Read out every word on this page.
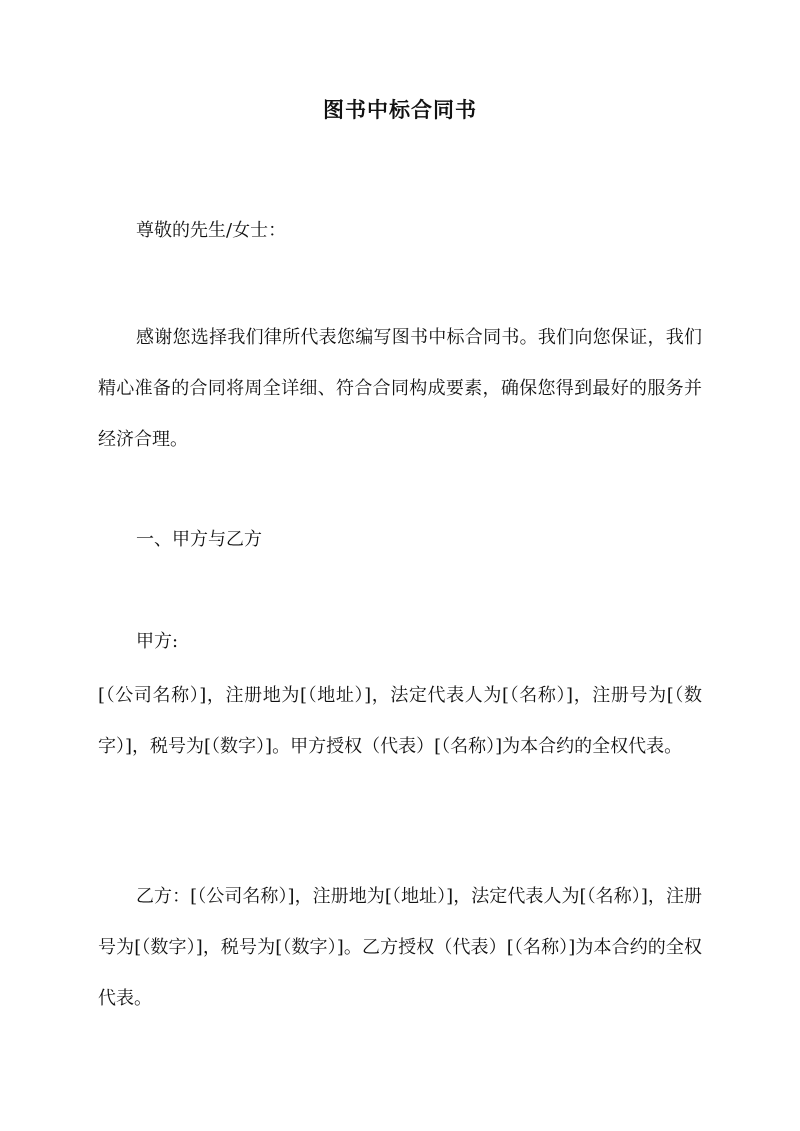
图书中标合同书
尊敬的先生/女士：
感谢您选择我们律所代表您编写图书中标合同书。我们向您保证，我们精心准备的合同将周全详细、符合合同构成要素，确保您得到最好的服务并经济合理。
一、甲方与乙方
甲方:
[（公司名称）]，注册地为[（地址）]，法定代表人为[（名称）]，注册号为[（数字）]，税号为[（数字）]。甲方授权（代表）[（名称）]为本合约的全权代表。
乙方：[（公司名称）]，注册地为[（地址）]，法定代表人为[（名称）]，注册号为[（数字）]，税号为[（数字）]。乙方授权（代表）[（名称）]为本合约的全权代表。
